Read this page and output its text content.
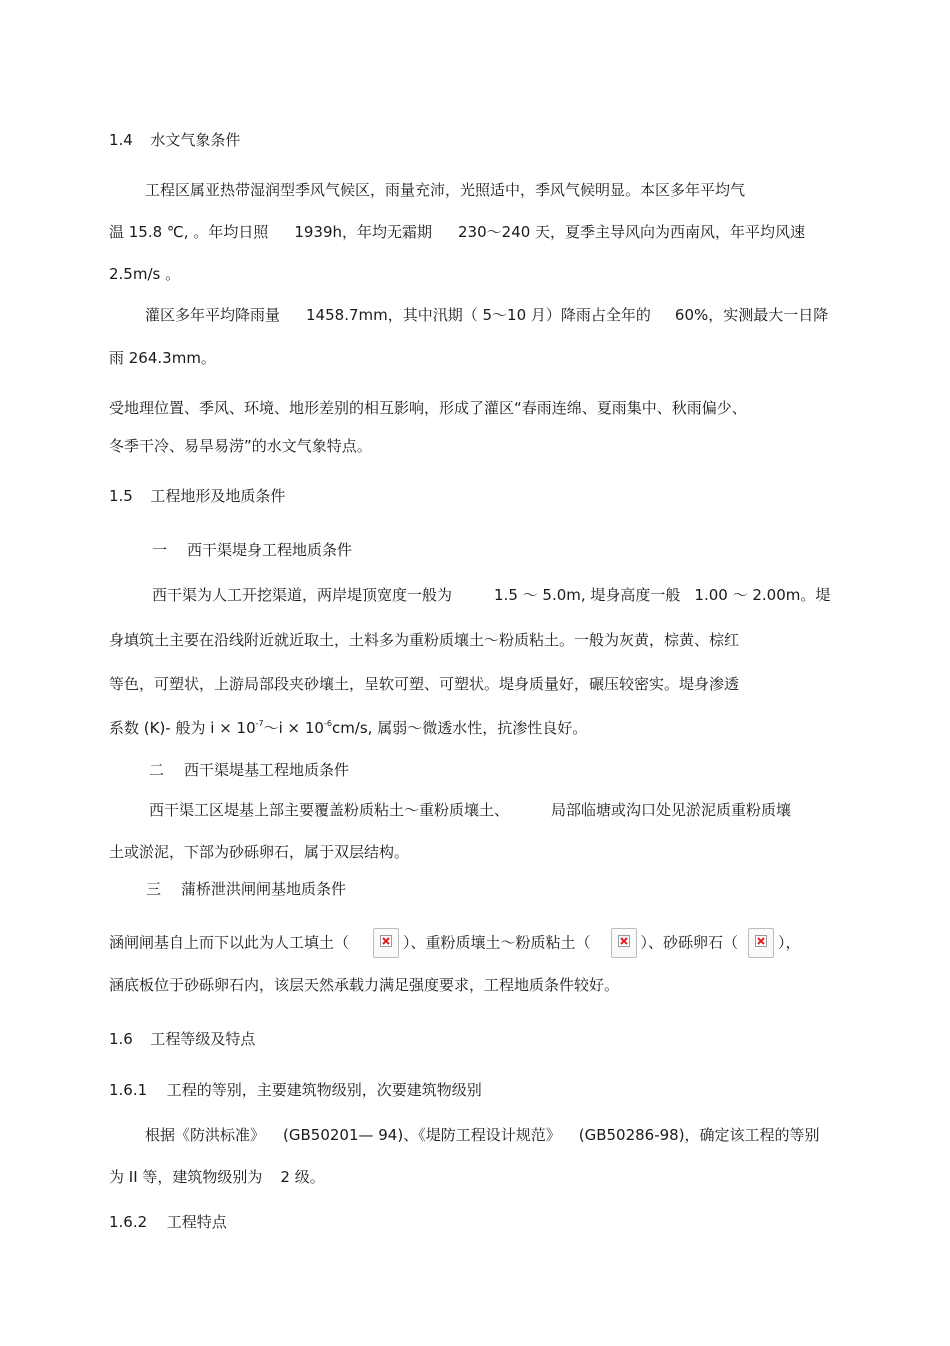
1.4 水文气象条件
工程区属亚热带湿润型季风气候区，雨量充沛，光照适中，季风气候明显。本区多年平均气
温 15.8 ℃, 。年均日照 1939h，年均无霜期 230～240 天，夏季主导风向为西南风，年平均风速
2.5m/s 。
灌区多年平均降雨量 1458.7mm，其中汛期（ 5～10 月）降雨占全年的 60%，实测最大一日降
雨 264.3mm。
受地理位置、季风、环境、地形差别的相互影响，形成了灌区“春雨连绵、夏雨集中、秋雨偏少、
冬季干冷、易旱易涝”的水文气象特点。
1.5 工程地形及地质条件
一 西干渠堤身工程地质条件
西干渠为人工开挖渠道，两岸堤顶宽度一般为	1.5 ～ 5.0m, 堤身高度一般 1.00 ～ 2.00m。堤
身填筑土主要在沿线附近就近取土，土料多为重粉质壤土～粉质粘土。一般为灰黄，棕黄、棕红
等色，可塑状，上游局部段夹砂壤土，呈软可塑、可塑状。堤身质量好，碾压较密实。堤身渗透
系数 (K)- 般为 $i \times 10^{-7}\sim i \times 10^{-6}cm/s$, 属弱～微透水性，抗渗性良好。
二 西干渠堤基工程地质条件
西干渠工区堤基上部主要覆盖粉质粘土～重粉质壤土、	局部临塘或沟口处见淤泥质重粉质壤
土或淤泥，下部为砂砾卵石，属于双层结构。
三 蒲桥泄洪闸闸基地质条件
涵闸闸基自上而下以此为人工填土（	）、重粉质壤土～粉质粘土（	）、砂砾卵石（	），
涵底板位于砂砾卵石内，该层天然承载力满足强度要求，工程地质条件较好。
1.6 工程等级及特点
1.6.1 工程的等别，主要建筑物级别，次要建筑物级别
根据《防洪标准》 (GB50201— 94)、《堤防工程设计规范》 (GB50286-98)，确定该工程的等别
为 II 等，建筑物级别为 2 级。
1.6.2 工程特点
